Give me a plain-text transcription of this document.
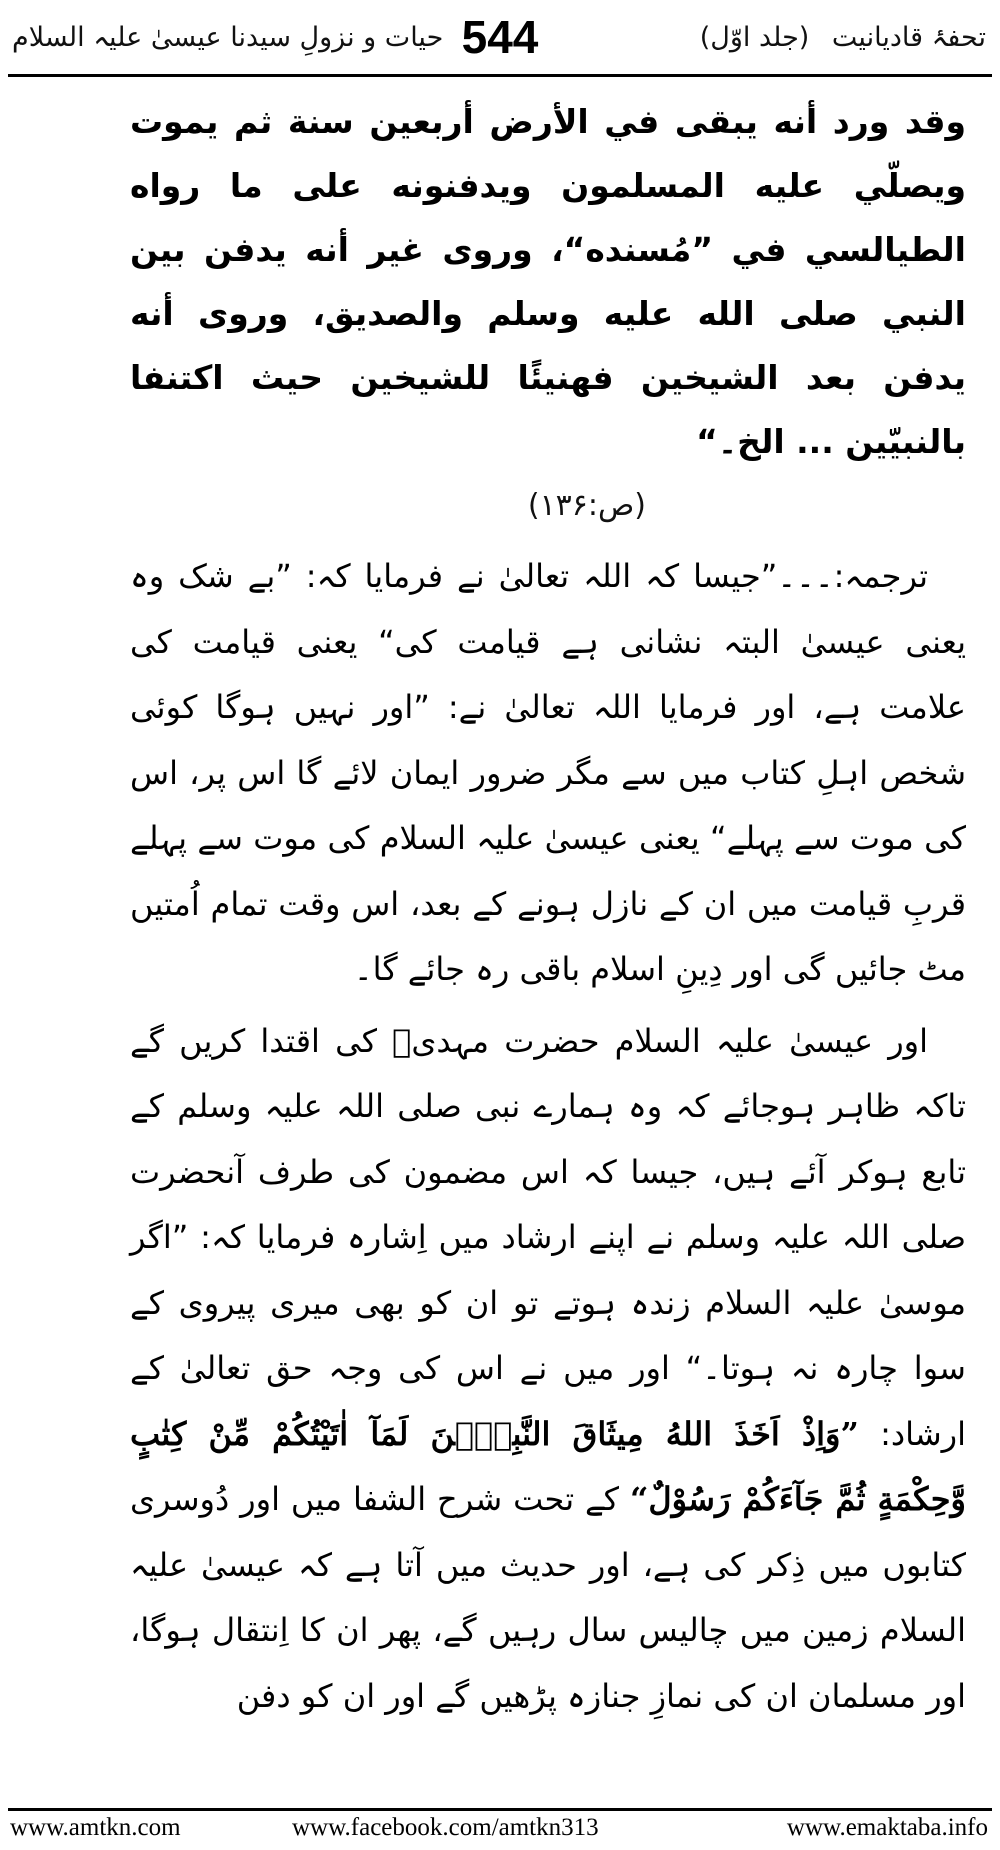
تحفۂ قادیانیت (جلد اوّل)
544
حیات و نزولِ سیدنا عیسیٰ علیہ السلام

وقد ورد أنه يبقى في الأرض أربعين سنة ثم يموت ويصلّي عليه المسلمون ويدفنونه على ما رواه الطيالسي في ”مُسنده“، وروى غير أنه يدفن بين النبي صلى الله عليه وسلم والصديق، وروى أنه يدفن بعد الشيخين فهنيئًا للشيخين حيث اكتنفا بالنبيّين ... الخ۔“

(ص:۱۳۶)

ترجمہ:۔۔۔”جیسا کہ اللہ تعالیٰ نے فرمایا کہ: ”بے شک وہ یعنی عیسیٰ البتہ نشانی ہے قیامت کی“ یعنی قیامت کی علامت ہے، اور فرمایا اللہ تعالیٰ نے: ”اور نہیں ہوگا کوئی شخص اہلِ کتاب میں سے مگر ضرور ایمان لائے گا اس پر، اس کی موت سے پہلے“ یعنی عیسیٰ علیہ السلام کی موت سے پہلے قربِ قیامت میں ان کے نازل ہونے کے بعد، اس وقت تمام اُمتیں مٹ جائیں گی اور دِینِ اسلام باقی رہ جائے گا۔

اور عیسیٰ علیہ السلام حضرت مہدیؓ کی اقتدا کریں گے تاکہ ظاہر ہوجائے کہ وہ ہمارے نبی صلی اللہ علیہ وسلم کے تابع ہوکر آئے ہیں، جیسا کہ اس مضمون کی طرف آنحضرت صلی اللہ علیہ وسلم نے اپنے ارشاد میں اِشارہ فرمایا کہ: ”اگر موسیٰ علیہ السلام زندہ ہوتے تو ان کو بھی میری پیروی کے سوا چارہ نہ ہوتا۔“ اور میں نے اس کی وجہ حق تعالیٰ کے ارشاد: ”وَاِذْ اَخَذَ اللهُ مِيثَاقَ النَّبِيّٖنَ لَمَآ اٰتَيْتُكُمْ مِّنْ كِتٰبٍ وَّحِكْمَةٍ ثُمَّ جَآءَكُمْ رَسُوْلٌ“ کے تحت شرح الشفا میں اور دُوسری کتابوں میں ذِکر کی ہے، اور حدیث میں آتا ہے کہ عیسیٰ علیہ السلام زمین میں چالیس سال رہیں گے، پھر ان کا اِنتقال ہوگا، اور مسلمان ان کی نمازِ جنازہ پڑھیں گے اور ان کو دفن

www.amtkn.com	www.facebook.com/amtkn313	www.emaktaba.info
